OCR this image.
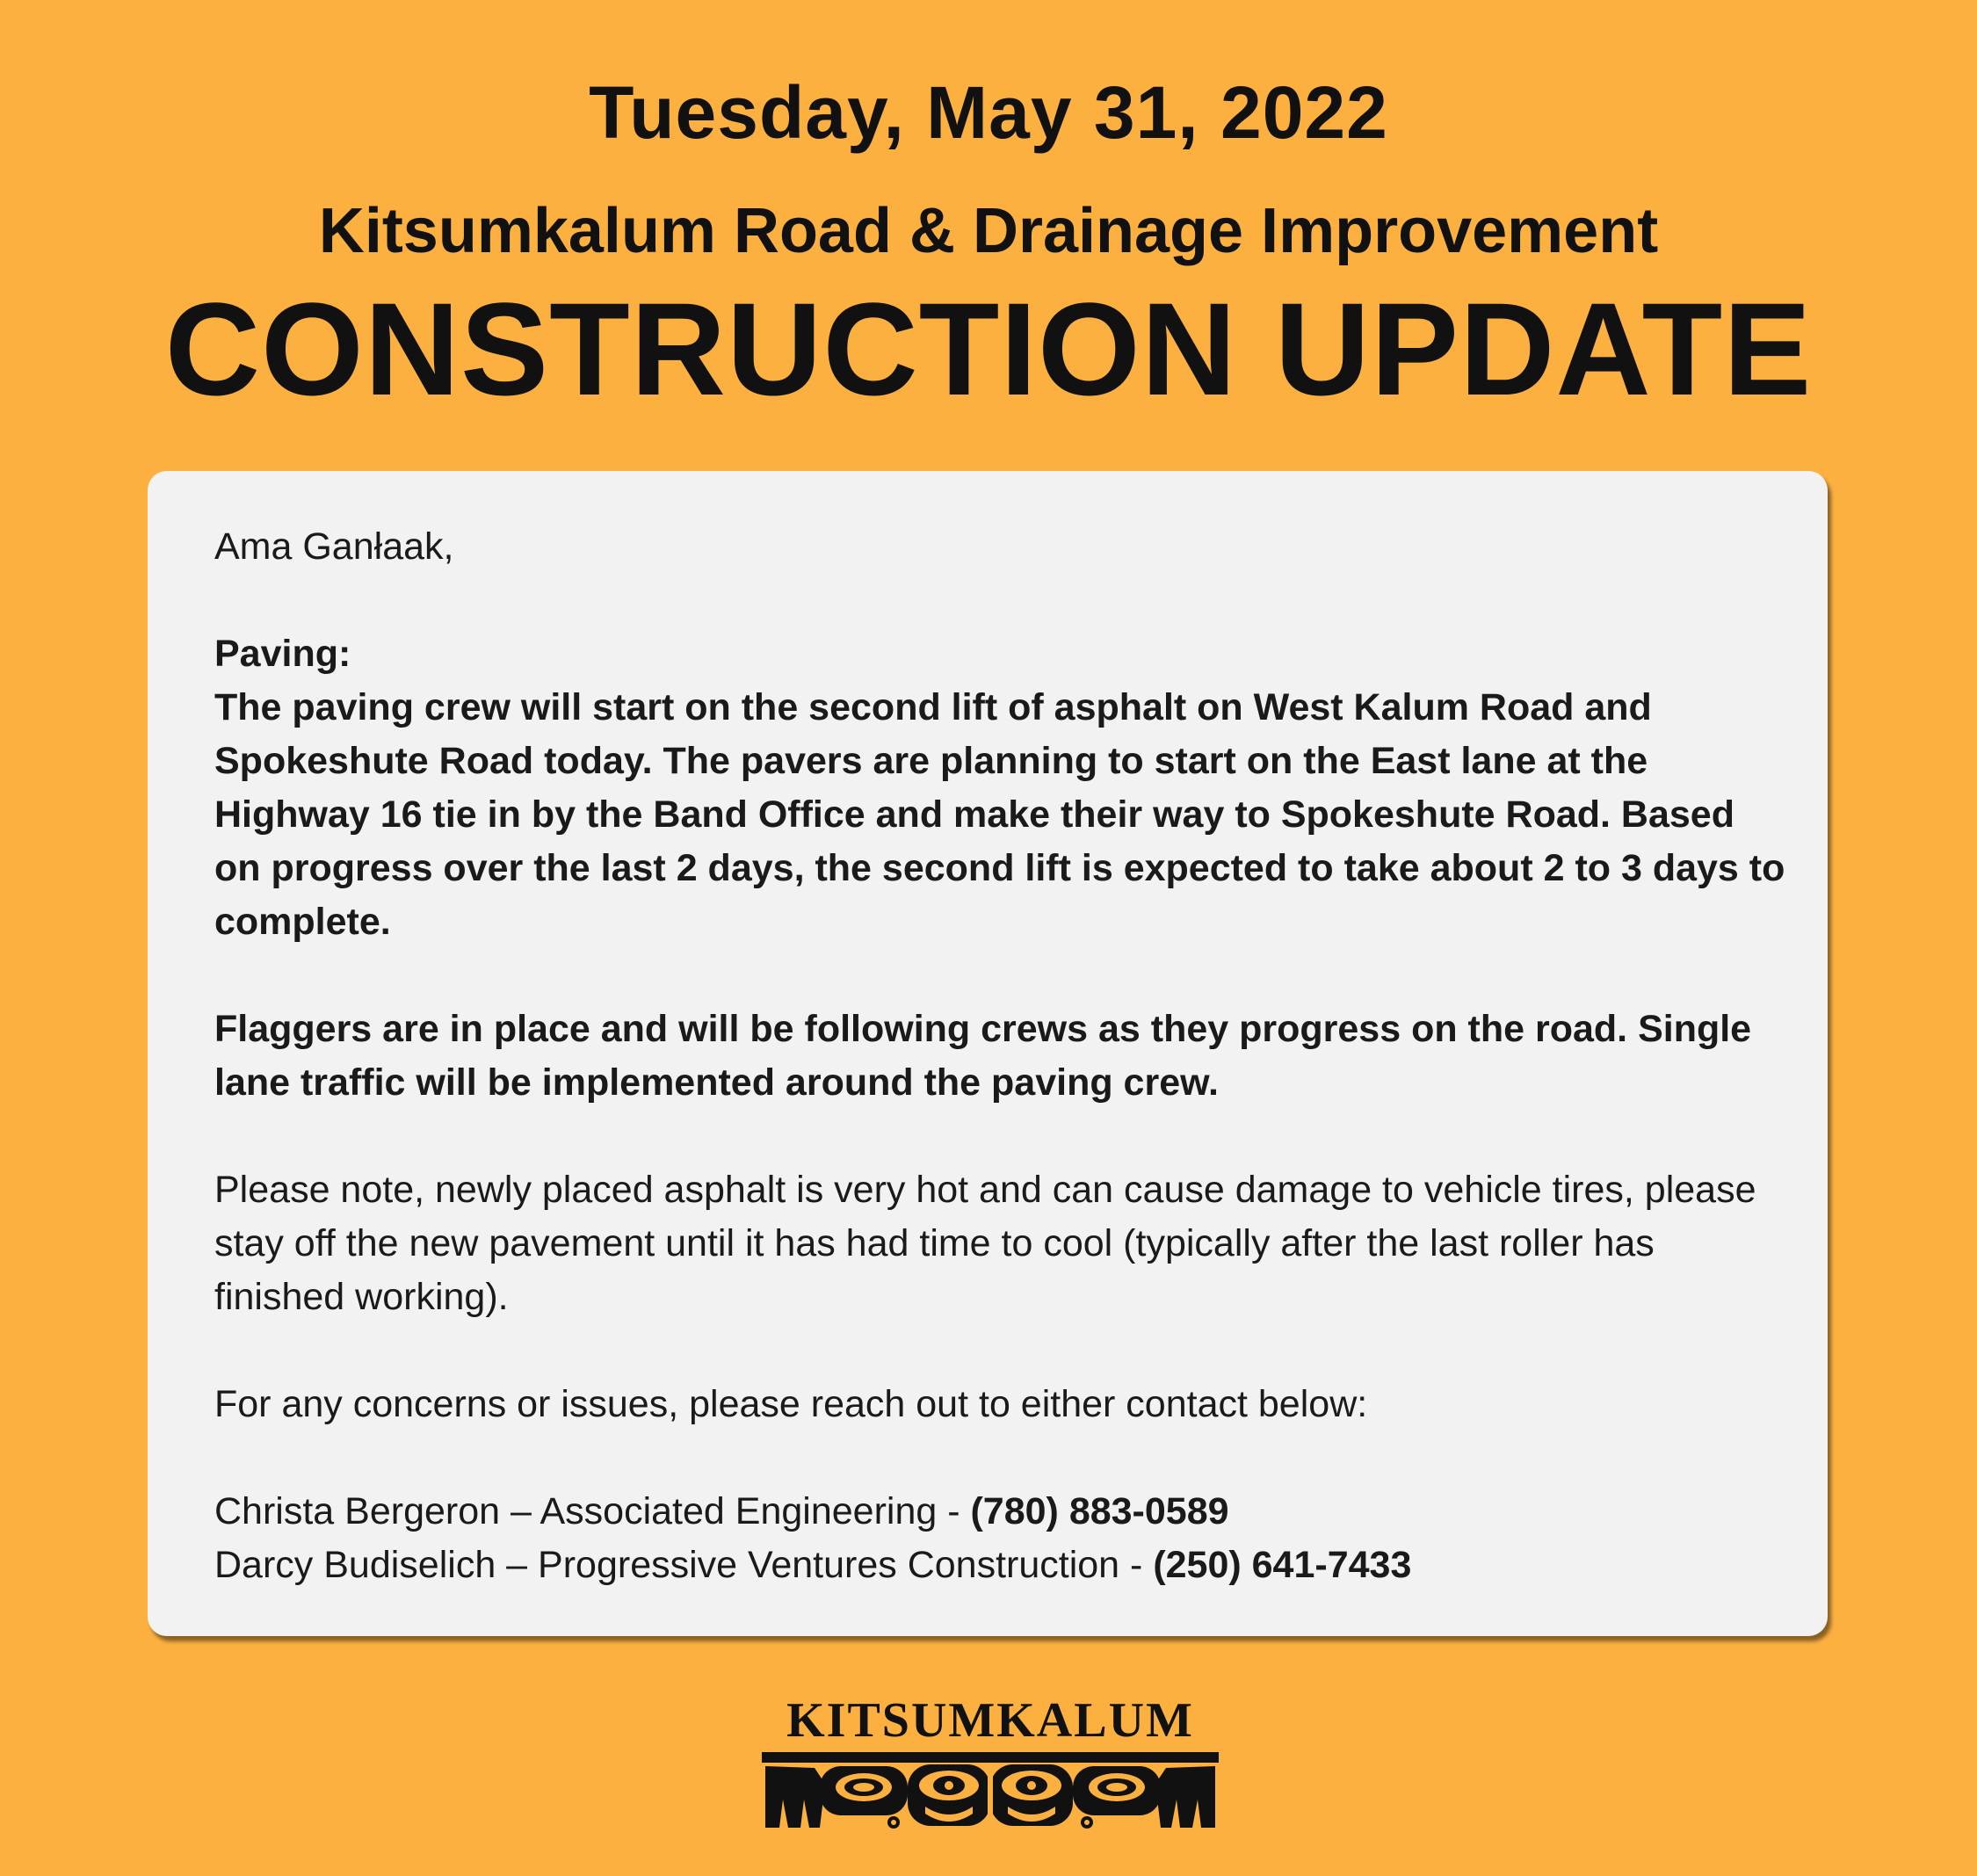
Tuesday, May 31, 2022
Kitsumkalum Road & Drainage Improvement
CONSTRUCTION UPDATE

Ama Ganłaak,

Paving:

The paving crew will start on the second lift of asphalt on West Kalum Road and Spokeshute Road today. The pavers are planning to start on the East lane at the Highway 16 tie in by the Band Office and make their way to Spokeshute Road. Based on progress over the last 2 days, the second lift is expected to take about 2 to 3 days to complete.

Flaggers are in place and will be following crews as they progress on the road. Single lane traffic will be implemented around the paving crew.

Please note, newly placed asphalt is very hot and can cause damage to vehicle tires, please stay off the new pavement until it has had time to cool (typically after the last roller has finished working).

For any concerns or issues, please reach out to either contact below:

Christa Bergeron – Associated Engineering - (780) 883-0589

Darcy Budiselich – Progressive Ventures Construction - (250) 641-7433

KITSUMKALUM
